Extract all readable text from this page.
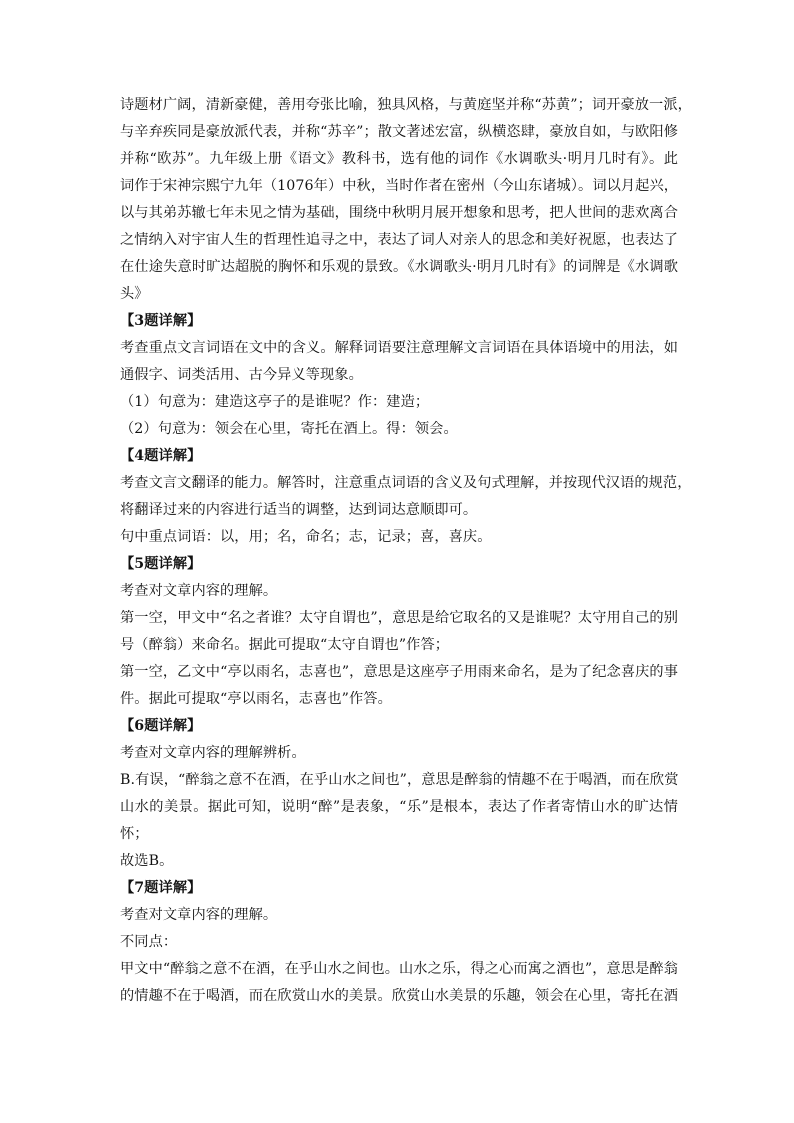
诗题材广阔，清新豪健，善用夸张比喻，独具风格，与黄庭坚并称“苏黄”；词开豪放一派，
与辛弃疾同是豪放派代表，并称“苏辛”；散文著述宏富，纵横恣肆，豪放自如，与欧阳修
并称“欧苏”。九年级上册《语文》教科书，选有他的词作《水调歌头·明月几时有》。此
词作于宋神宗熙宁九年（1076年）中秋，当时作者在密州（今山东诸城）。词以月起兴，
以与其弟苏辙七年未见之情为基础，围绕中秋明月展开想象和思考，把人世间的悲欢离合
之情纳入对宇宙人生的哲理性追寻之中，表达了词人对亲人的思念和美好祝愿，也表达了
在仕途失意时旷达超脱的胸怀和乐观的景致。《水调歌头·明月几时有》的词牌是《水调歌
头》
【3题详解】
考查重点文言词语在文中的含义。解释词语要注意理解文言词语在具体语境中的用法，如
通假字、词类活用、古今异义等现象。
（1）句意为：建造这亭子的是谁呢？作：建造；
（2）句意为：领会在心里，寄托在酒上。得：领会。
【4题详解】
考查文言文翻译的能力。解答时，注意重点词语的含义及句式理解，并按现代汉语的规范，
将翻译过来的内容进行适当的调整，达到词达意顺即可。
句中重点词语：以，用；名，命名；志，记录；喜，喜庆。
【5题详解】
考查对文章内容的理解。
第一空，甲文中“名之者谁？太守自谓也”，意思是给它取名的又是谁呢？太守用自己的别
号（醉翁）来命名。据此可提取“太守自谓也”作答；
第一空，乙文中“亭以雨名，志喜也”，意思是这座亭子用雨来命名，是为了纪念喜庆的事
件。据此可提取“亭以雨名，志喜也”作答。
【6题详解】
考查对文章内容的理解辨析。
B.有误，“醉翁之意不在酒，在乎山水之间也”，意思是醉翁的情趣不在于喝酒，而在欣赏
山水的美景。据此可知，说明“醉”是表象，“乐”是根本，表达了作者寄情山水的旷达情
怀；
故选B。
【7题详解】
考查对文章内容的理解。
不同点：
甲文中“醉翁之意不在酒，在乎山水之间也。山水之乐，得之心而寓之酒也”，意思是醉翁
的情趣不在于喝酒，而在欣赏山水的美景。欣赏山水美景的乐趣，领会在心里，寄托在酒
